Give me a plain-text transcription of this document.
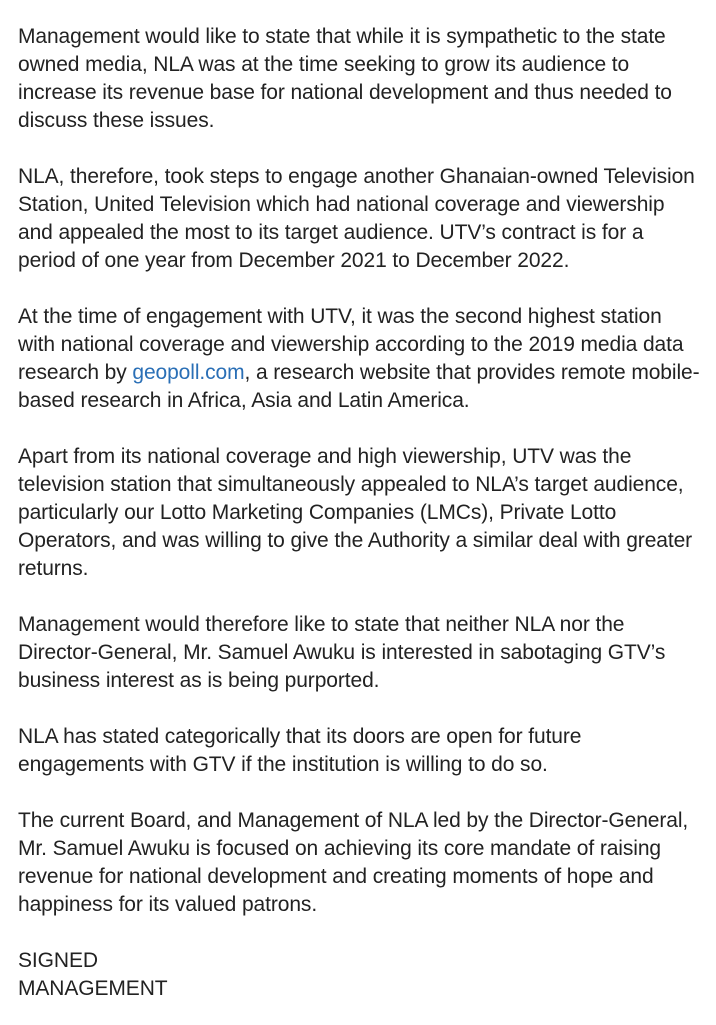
Management would like to state that while it is sympathetic to the state owned media, NLA was at the time seeking to grow its audience to increase its revenue base for national development and thus needed to discuss these issues.

NLA, therefore, took steps to engage another Ghanaian-owned Television Station, United Television which had national coverage and viewership and appealed the most to its target audience. UTV’s contract is for a period of one year from December 2021 to December 2022.

At the time of engagement with UTV, it was the second highest station with national coverage and viewership according to the 2019 media data research by geopoll.com, a research website that provides remote mobile-based research in Africa, Asia and Latin America.

Apart from its national coverage and high viewership, UTV was the television station that simultaneously appealed to NLA’s target audience, particularly our Lotto Marketing Companies (LMCs), Private Lotto Operators, and was willing to give the Authority a similar deal with greater returns.

Management would therefore like to state that neither NLA nor the Director-General, Mr. Samuel Awuku is interested in sabotaging GTV’s business interest as is being purported.

NLA has stated categorically that its doors are open for future engagements with GTV if the institution is willing to do so.

The current Board, and Management of NLA led by the Director-General, Mr. Samuel Awuku is focused on achieving its core mandate of raising revenue for national development and creating moments of hope and happiness for its valued patrons.

SIGNED

MANAGEMENT
